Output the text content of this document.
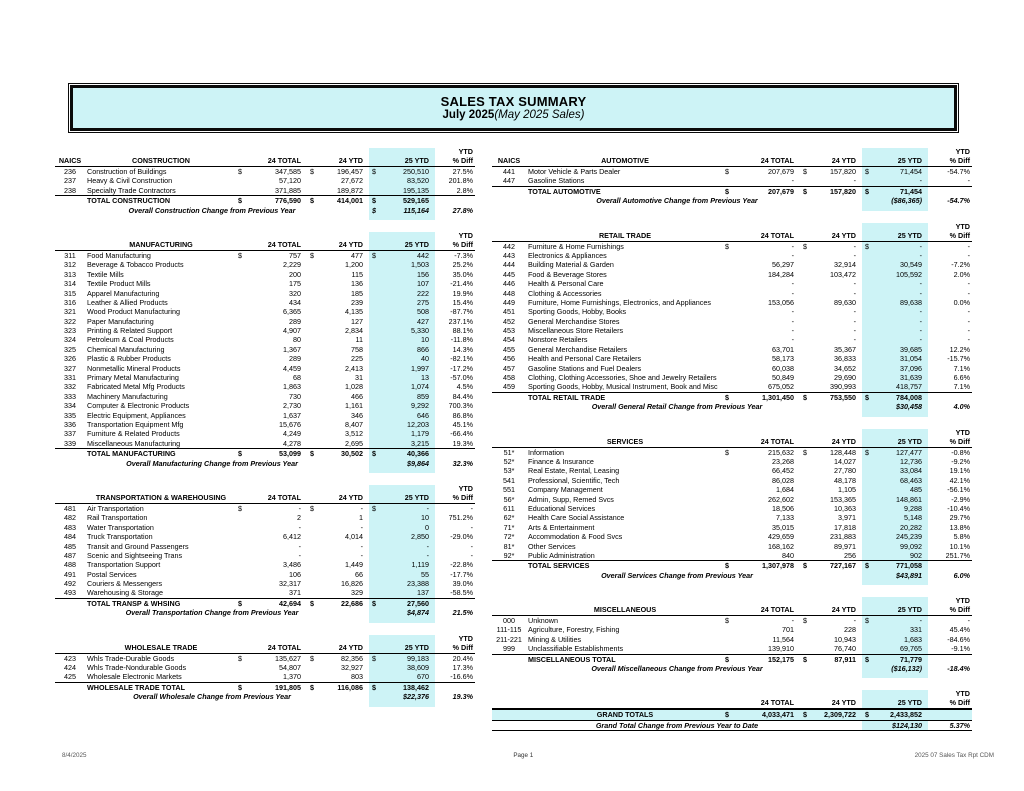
SALES TAX SUMMARY
July 2025(May 2025 Sales)
YTD
NAICS	CONSTRUCTION	24 TOTAL	24 YTD	25 YTD	% Diff
236	Construction of Buildings	$	347,585	$	196,457	$	250,510	27.5%
237	Heavy & Civil Construction	57,120	27,672	83,520	201.8%
238	Specialty Trade Contractors	371,885	189,872	195,135	2.8%
TOTAL CONSTRUCTION	$	776,590	$	414,001	$	529,165
Overall Construction Change from Previous Year	$	115,164	27.8%
YTD
MANUFACTURING	24 TOTAL	24 YTD	25 YTD	% Diff
311	Food Manufacturing	$	757	$	477	$	442	-7.3%
312	Beverage & Tobacco Products	2,229	1,200	1,503	25.2%
313	Textile Mills	200	115	156	35.0%
314	Textile Product Mills	175	136	107	-21.4%
315	Apparel Manufacturing	320	185	222	19.9%
316	Leather & Allied Products	434	239	275	15.4%
321	Wood Product Manufacturing	6,365	4,135	508	-87.7%
322	Paper Manufacturing	289	127	427	237.1%
323	Printing & Related Support	4,907	2,834	5,330	88.1%
324	Petroleum & Coal Products	80	11	10	-11.8%
325	Chemical Manufacturing	1,367	758	866	14.3%
326	Plastic & Rubber Products	289	225	40	-82.1%
327	Nonmetallic Mineral Products	4,459	2,413	1,997	-17.2%
331	Primary Metal Manufacturing	68	31	13	-57.0%
332	Fabricated Metal Mfg Products	1,863	1,028	1,074	4.5%
333	Machinery Manufacturing	730	466	859	84.4%
334	Computer & Electronic Products	2,730	1,161	9,292	700.3%
335	Electric Equipment, Appliances	1,637	346	646	86.8%
336	Transportation Equipment Mfg	15,676	8,407	12,203	45.1%
337	Furniture & Related Products	4,249	3,512	1,179	-66.4%
339	Miscellaneous Manufacturing	4,278	2,695	3,215	19.3%
TOTAL MANUFACTURING	$	53,099	$	30,502	$	40,366
Overall Manufacturing Change from Previous Year	$9,864	32.3%
YTD
TRANSPORTATION & WAREHOUSING	24 TOTAL	24 YTD	25 YTD	% Diff
481	Air Transportation	$	-	$	-	$	-	-
482	Rail Transportation	2	1	10	751.2%
483	Water Transportation	-	-	0	-
484	Truck Transportation	6,412	4,014	2,850	-29.0%
485	Transit and Ground Passengers	-	-	-	-
487	Scenic and Sightseeing Trans	-	-	-	-
488	Transportation Support	3,486	1,449	1,119	-22.8%
491	Postal Services	106	66	55	-17.7%
492	Couriers & Messengers	32,317	16,826	23,388	39.0%
493	Warehousing & Storage	371	329	137	-58.5%
TOTAL TRANSP & WHSING	$	42,694	$	22,686	$	27,560
Overall Transportation Change from Previous Year	$4,874	21.5%
YTD
WHOLESALE TRADE	24 TOTAL	24 YTD	25 YTD	% Diff
423	Whls Trade-Durable Goods	$	135,627	$	82,356	$	99,183	20.4%
424	Whls Trade-Nondurable Goods	54,807	32,927	38,609	17.3%
425	Wholesale Electronic Markets	1,370	803	670	-16.6%
WHOLESALE TRADE TOTAL	$	191,805	$	116,086	$	138,462
Overall Wholesale Change from Previous Year	$22,376	19.3%
YTD
NAICS	AUTOMOTIVE	24 TOTAL	24 YTD	25 YTD	% Diff
441	Motor Vehicle & Parts Dealer	$	207,679	$	157,820	$	71,454	-54.7%
447	Gasoline Stations	-	-	-	-
TOTAL AUTOMOTIVE	$	207,679	$	157,820	$	71,454
Overall Automotive Change from Previous Year	($86,365)	-54.7%
YTD
RETAIL TRADE	24 TOTAL	24 YTD	25 YTD	% Diff
442	Furniture & Home Furnishings	$	-	$	-	$	-	-
443	Electronics & Appliances	-	-	-	-
444	Building Material & Garden	56,297	32,914	30,549	-7.2%
445	Food & Beverage Stores	184,284	103,472	105,592	2.0%
446	Health & Personal Care	-	-	-	-
448	Clothing & Accessories	-	-	-	-
449	Furniture, Home Furnishings, Electronics, and Appliances	153,056	89,630	89,638	0.0%
451	Sporting Goods, Hobby, Books	-	-	-	-
452	General Merchandise Stores	-	-	-	-
453	Miscellaneous Store Retailers	-	-	-	-
454	Nonstore Retailers	-	-	-	-
455	General Merchandise Retailers	63,701	35,367	39,685	12.2%
456	Health and Personal Care Retailers	58,173	36,833	31,054	-15.7%
457	Gasoline Stations and Fuel Dealers	60,038	34,652	37,096	7.1%
458	Clothing, Clothing Accessories, Shoe and Jewelry Retailers	50,849	29,690	31,639	6.6%
459	Sporting Goods, Hobby, Musical Instrument, Book and Misc	675,052	390,993	418,757	7.1%
TOTAL RETAIL TRADE	$	1,301,450	$	753,550	$	784,008
Overall General Retail Change from Previous Year	$30,458	4.0%
YTD
SERVICES	24 TOTAL	24 YTD	25 YTD	% Diff
51*	Information	$	215,632	$	128,448	$	127,477	-0.8%
52*	Finance & Insurance	23,268	14,027	12,736	-9.2%
53*	Real Estate, Rental, Leasing	66,452	27,780	33,084	19.1%
541	Professional, Scientific, Tech	86,028	48,178	68,463	42.1%
551	Company Management	1,684	1,105	485	-56.1%
56*	Admin, Supp, Remed Svcs	262,602	153,365	148,861	-2.9%
611	Educational Services	18,506	10,363	9,288	-10.4%
62*	Health Care Social Assistance	7,133	3,971	5,148	29.7%
71*	Arts & Entertainment	35,015	17,818	20,282	13.8%
72*	Accommodation & Food Svcs	429,659	231,883	245,239	5.8%
81*	Other Services	168,162	89,971	99,092	10.1%
92*	Public Administration	840	256	902	251.7%
TOTAL SERVICES	$	1,307,978	$	727,167	$	771,058
Overall Services Change from Previous Year	$43,891	6.0%
YTD
MISCELLANEOUS	24 TOTAL	24 YTD	25 YTD	% Diff
000	Unknown	$	-	$	-	$	-	-
111-115 Agriculture, Forestry, Fishing	701	228	331	45.4%
211-221 Mining & Utilities	11,564	10,943	1,683	-84.6%
999	Unclassifiable Establishments	139,910	76,740	69,765	-9.1%
MISCELLANEOUS TOTAL	$	152,175	$	87,911	$	71,779
Overall Miscellaneous Change from Previous Year	($16,132)	-18.4%
YTD
24 TOTAL	24 YTD	25 YTD	% Diff
GRAND TOTALS	$	4,033,471	$ 2,309,722	$	2,433,852
Grand Total Change from Previous Year to Date	$124,130	5.37%
8/4/2025	Page 1	2025 07 Sales Tax Rpt CDM
